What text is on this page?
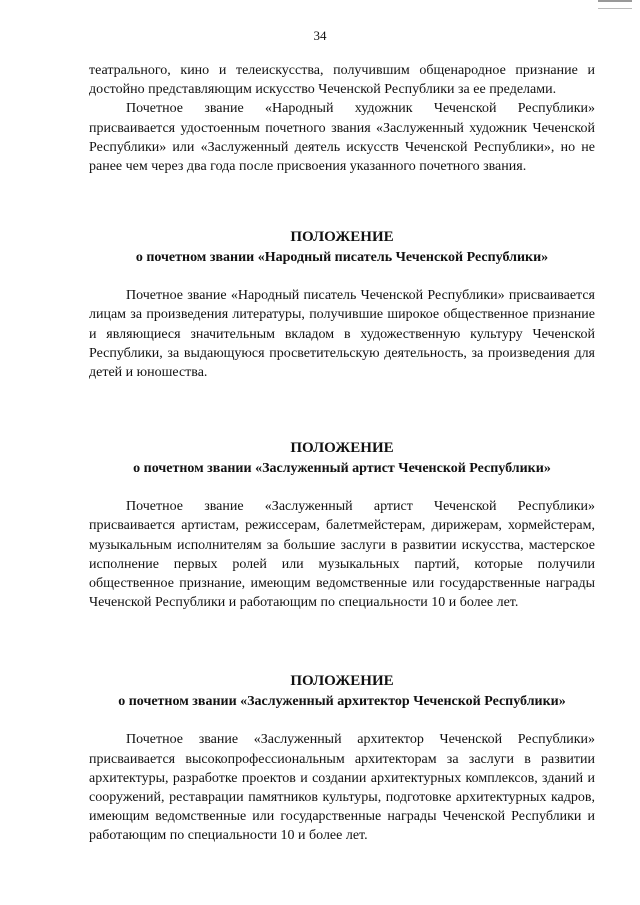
34

театрального, кино и телеискусства, получившим общенародное признание и достойно представляющим искусство Чеченской Республики за ее пределами.

Почетное звание «Народный художник Чеченской Республики» присваивается удостоенным почетного звания «Заслуженный художник Чеченской Республики» или «Заслуженный деятель искусств Чеченской Республики», но не ранее чем через два года после присвоения указанного почетного звания.

ПОЛОЖЕНИЕ

о почетном звании «Народный писатель Чеченской Республики»

Почетное звание «Народный писатель Чеченской Республики» присваивается лицам за произведения литературы, получившие широкое общественное признание и являющиеся значительным вкладом в художественную культуру Чеченской Республики, за выдающуюся просветительскую деятельность, за произведения для детей и юношества.

ПОЛОЖЕНИЕ

о почетном звании «Заслуженный артист Чеченской Республики»

Почетное звание «Заслуженный артист Чеченской Республики» присваивается артистам, режиссерам, балетмейстерам, дирижерам, хормейстерам, музыкальным исполнителям за большие заслуги в развитии искусства, мастерское исполнение первых ролей или музыкальных партий, которые получили общественное признание, имеющим ведомственные или государственные награды Чеченской Республики и работающим по специальности 10 и более лет.

ПОЛОЖЕНИЕ

о почетном звании «Заслуженный архитектор Чеченской Республики»

Почетное звание «Заслуженный архитектор Чеченской Республики» присваивается высокопрофессиональным архитекторам за заслуги в развитии архитектуры, разработке проектов и создании архитектурных комплексов, зданий и сооружений, реставрации памятников культуры, подготовке архитектурных кадров, имеющим ведомственные или государственные награды Чеченской Республики и работающим по специальности 10 и более лет.
